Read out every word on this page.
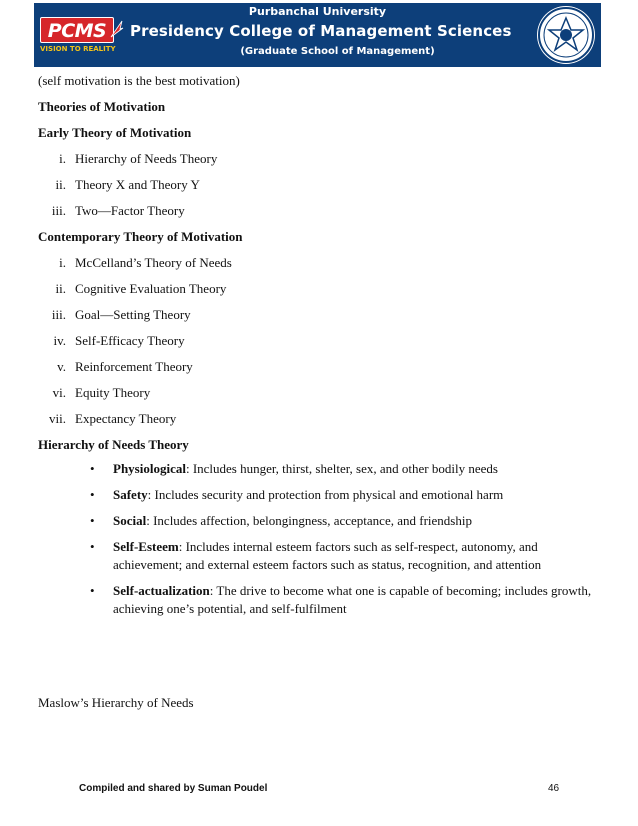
PCMS
VISION TO REALITY
Purbanchal University
Presidency College of Management Sciences
(Graduate School of Management)
(self motivation is the best motivation)
Theories of Motivation
Early Theory of Motivation
i. Hierarchy of Needs Theory
ii. Theory X and Theory Y
iii. Two—Factor Theory
Contemporary Theory of Motivation
i. McCelland’s Theory of Needs
ii. Cognitive Evaluation Theory
iii. Goal—Setting Theory
iv. Self-Efficacy Theory
v. Reinforcement Theory
vi. Equity Theory
vii. Expectancy Theory
Hierarchy of Needs Theory
• Physiological: Includes hunger, thirst, shelter, sex, and other bodily needs
• Safety: Includes security and protection from physical and emotional harm
• Social: Includes affection, belongingness, acceptance, and friendship
• Self-Esteem: Includes internal esteem factors such as self-respect, autonomy, and achievement; and external esteem factors such as status, recognition, and attention
• Self-actualization: The drive to become what one is capable of becoming; includes growth, achieving one’s potential, and self-fulfilment
Maslow’s Hierarchy of Needs
Compiled and shared by Suman Poudel	46
